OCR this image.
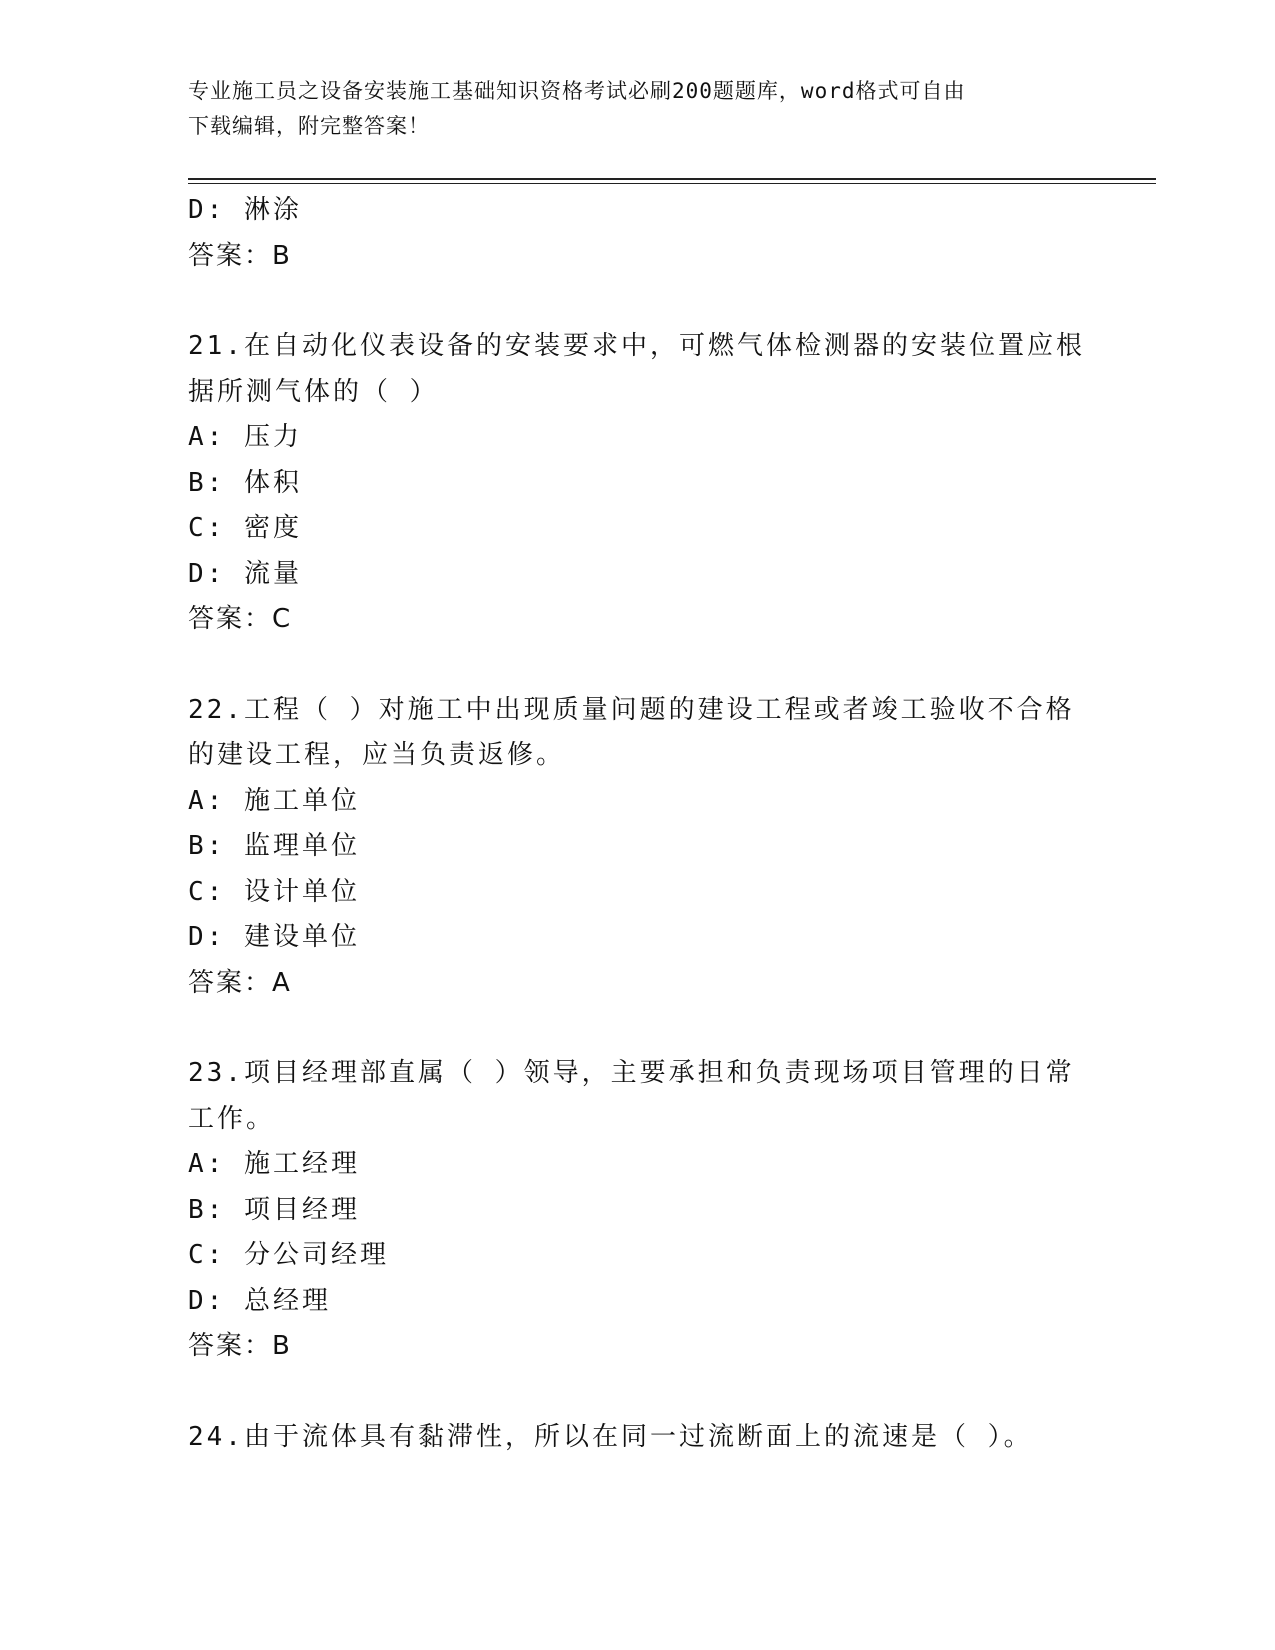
专业施工员之设备安装施工基础知识资格考试必刷200题题库，word格式可自由
下载编辑，附完整答案！
D: 淋涂
答案：B
21.在自动化仪表设备的安装要求中，可燃气体检测器的安装位置应根
据所测气体的（ ）
A: 压力
B: 体积
C: 密度
D: 流量
答案：C
22.工程（ ）对施工中出现质量问题的建设工程或者竣工验收不合格
的建设工程，应当负责返修。
A: 施工单位
B: 监理单位
C: 设计单位
D: 建设单位
答案：A
23.项目经理部直属（ ）领导，主要承担和负责现场项目管理的日常
工作。
A: 施工经理
B: 项目经理
C: 分公司经理
D: 总经理
答案：B
24.由于流体具有黏滞性，所以在同一过流断面上的流速是（ ）。
